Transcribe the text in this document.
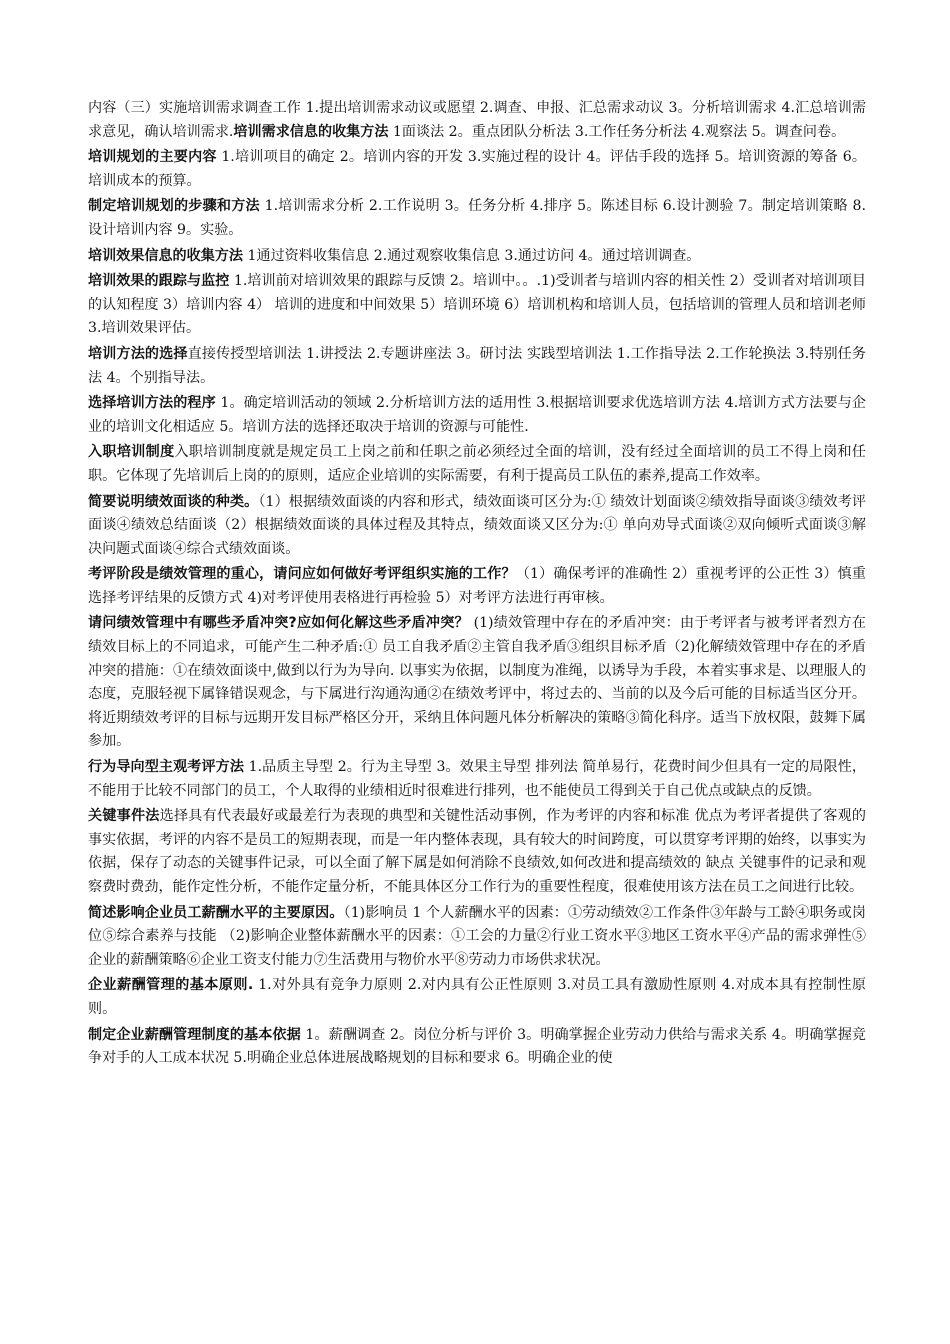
内容（三）实施培训需求调查工作 1.提出培训需求动议或愿望 2.调查、申报、汇总需求动议 3。分析培训需求 4.汇总培训需求意见，确认培训需求.培训需求信息的收集方法 1面谈法 2。重点团队分析法 3.工作任务分析法 4.观察法 5。调查问卷。

培训规划的主要内容 1.培训项目的确定 2。培训内容的开发 3.实施过程的设计 4。评估手段的选择 5。培训资源的筹备 6。培训成本的预算。

制定培训规划的步骤和方法 1.培训需求分析 2.工作说明 3。任务分析 4.排序 5。陈述目标 6.设计测验 7。制定培训策略 8.设计培训内容 9。实验。

培训效果信息的收集方法 1通过资料收集信息 2.通过观察收集信息 3.通过访问 4。通过培训调查。

培训效果的跟踪与监控 1.培训前对培训效果的跟踪与反馈 2。培训中。。.1)受训者与培训内容的相关性 2）受训者对培训项目的认知程度 3）培训内容 4） 培训的进度和中间效果 5）培训环境 6）培训机构和培训人员，包括培训的管理人员和培训老师 3.培训效果评估。

培训方法的选择直接传授型培训法 1.讲授法 2.专题讲座法 3。研讨法 实践型培训法 1.工作指导法 2.工作轮换法 3.特别任务法 4。个别指导法。

选择培训方法的程序 1。确定培训活动的领域 2.分析培训方法的适用性 3.根据培训要求优选培训方法 4.培训方式方法要与企业的培训文化相适应 5。培训方法的选择还取决于培训的资源与可能性.

入职培训制度入职培训制度就是规定员工上岗之前和任职之前必须经过全面的培训，没有经过全面培训的员工不得上岗和任职。它体现了先培训后上岗的的原则，适应企业培训的实际需要，有利于提高员工队伍的素养,提高工作效率。

简要说明绩效面谈的种类。（1）根据绩效面谈的内容和形式，绩效面谈可区分为:① 绩效计划面谈②绩效指导面谈③绩效考评面谈④绩效总结面谈（2）根据绩效面谈的具体过程及其特点，绩效面谈又区分为:① 单向劝导式面谈②双向倾听式面谈③解决问题式面谈④综合式绩效面谈。

考评阶段是绩效管理的重心，请问应如何做好考评组织实施的工作？（1）确保考评的准确性 2）重视考评的公正性 3）慎重选择考评结果的反馈方式 4)对考评使用表格进行再检验 5）对考评方法进行再审核。

请问绩效管理中有哪些矛盾冲突?应如何化解这些矛盾冲突？ (1)绩效管理中存在的矛盾冲突：由于考评者与被考评者烈方在绩效目标上的不同追求，可能产生二种矛盾:① 员工自我矛盾②主管自我矛盾③组织目标矛盾（2)化解绩效管理中存在的矛盾冲突的措施：①在绩效面谈中,做到以行为为导向. 以事实为依据，以制度为准绳，以诱导为手段，本着实事求是、以理服人的态度，克服轻视下属锋错误观念，与下属进行沟通沟通②在绩效考评中，将过去的、当前的以及今后可能的目标适当区分开。将近期绩效考评的目标与远期开发目标严格区分开，采纳且体问题凡体分析解决的策略③简化科序。适当下放权限，鼓舞下属参加。

行为导向型主观考评方法 1.品质主导型 2。行为主导型 3。效果主导型 排列法 简单易行，花费时间少但具有一定的局限性，不能用于比较不同部门的员工，个人取得的业绩相近时很难进行排列，也不能使员工得到关于自己优点或缺点的反馈。

关键事件法选择具有代表最好或最差行为表现的典型和关键性活动事例，作为考评的内容和标准 优点为考评者提供了客观的事实依据，考评的内容不是员工的短期表现，而是一年内整体表现，具有较大的时间跨度，可以贯穿考评期的始终，以事实为依据，保存了动态的关键事件记录，可以全面了解下属是如何消除不良绩效,如何改进和提高绩效的 缺点 关键事件的记录和观察费时费劲，能作定性分析，不能作定量分析，不能具体区分工作行为的重要性程度，很难使用该方法在员工之间进行比较。

简述影响企业员工薪酬水平的主要原因。（1)影响员 1 个人薪酬水平的因素：①劳动绩效②工作条件③年龄与工龄④职务或岗位⑤综合素养与技能 （2)影响企业整体薪酬水平的因素：①工会的力量②行业工资水平③地区工资水平④产品的需求弹性⑤企业的薪酬策略⑥企业工资支付能力⑦生活费用与物价水平⑧劳动力市场供求状况。

企业薪酬管理的基本原则. 1.对外具有竞争力原则 2.对内具有公正性原则 3.对员工具有激励性原则 4.对成本具有控制性原则。

制定企业薪酬管理制度的基本依据 1。薪酬调查 2。岗位分析与评价 3。明确掌握企业劳动力供给与需求关系 4。明确掌握竞争对手的人工成本状况 5.明确企业总体进展战略规划的目标和要求 6。明确企业的使
